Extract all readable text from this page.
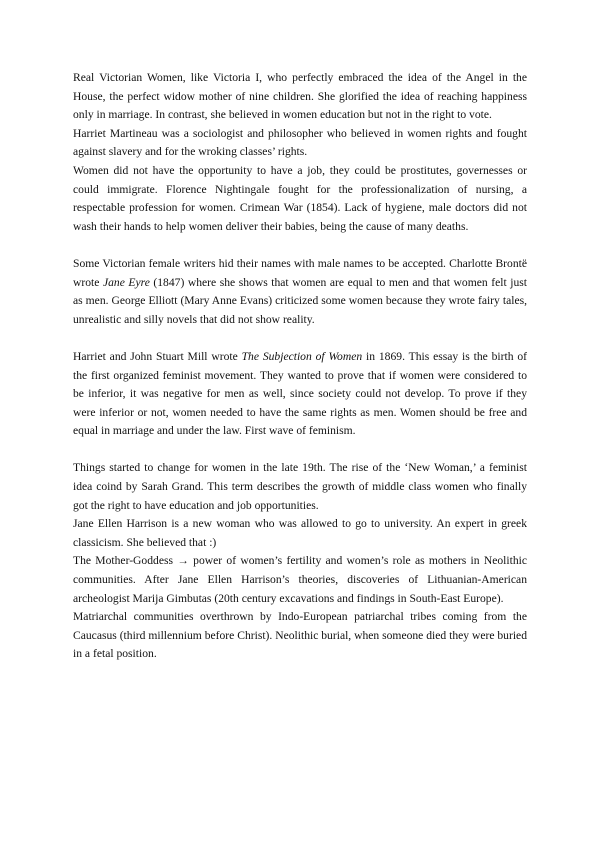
Real Victorian Women, like Victoria I, who perfectly embraced the idea of the Angel in the House, the perfect widow mother of nine children. She glorified the idea of reaching happiness only in marriage. In contrast, she believed in women education but not in the right to vote.

Harriet Martineau was a sociologist and philosopher who believed in women rights and fought against slavery and for the wroking classes’ rights.

Women did not have the opportunity to have a job, they could be prostitutes, governesses or could immigrate. Florence Nightingale fought for the professionalization of nursing, a respectable profession for women. Crimean War (1854). Lack of hygiene, male doctors did not wash their hands to help women deliver their babies, being the cause of many deaths.

Some Victorian female writers hid their names with male names to be accepted. Charlotte Brontë wrote Jane Eyre (1847) where she shows that women are equal to men and that women felt just as men. George Elliott (Mary Anne Evans) criticized some women because they wrote fairy tales, unrealistic and silly novels that did not show reality.

Harriet and John Stuart Mill wrote The Subjection of Women in 1869. This essay is the birth of the first organized feminist movement. They wanted to prove that if women were considered to be inferior, it was negative for men as well, since society could not develop. To prove if they were inferior or not, women needed to have the same rights as men. Women should be free and equal in marriage and under the law. First wave of feminism.

Things started to change for women in the late 19th. The rise of the ‘New Woman,’ a feminist idea coind by Sarah Grand. This term describes the growth of middle class women who finally got the right to have education and job opportunities.

Jane Ellen Harrison is a new woman who was allowed to go to university. An expert in greek classicism. She believed that :)

The Mother-Goddess → power of women’s fertility and women’s role as mothers in Neolithic communities. After Jane Ellen Harrison’s theories, discoveries of Lithuanian-American archeologist Marija Gimbutas (20th century excavations and findings in South-East Europe).

Matriarchal communities overthrown by Indo-European patriarchal tribes coming from the Caucasus (third millennium before Christ). Neolithic burial, when someone died they were buried in a fetal position.
